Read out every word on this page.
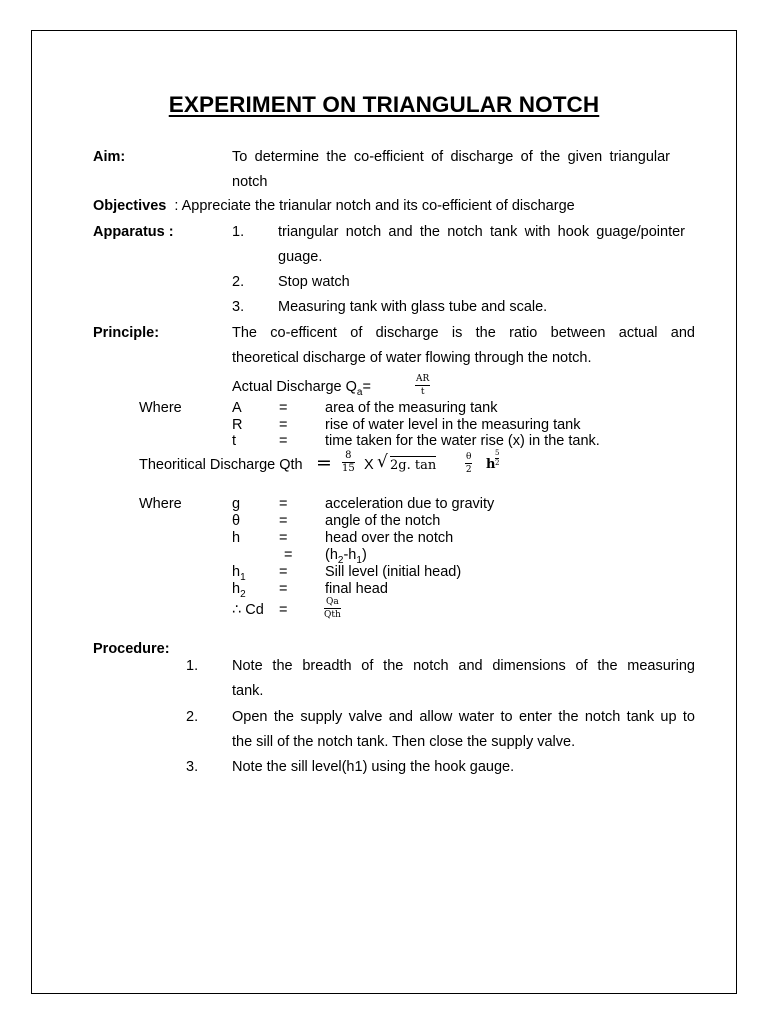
EXPERIMENT ON TRIANGULAR NOTCH
Aim:	To determine the co-efficient of discharge of the given triangular
notch
Objectives : Appreciate the trianular notch and its co-efficient of discharge
Apparatus :	1. triangular notch and the notch tank with hook guage/pointer
guage.
2. Stop watch
3. Measuring tank with glass tube and scale.
Principle:	The co-efficent of discharge is the ratio between actual and
theoretical discharge of water flowing through the notch.
Actual Discharge $Q_a=$	$\frac{AR}{t}$
Where	A	=	area of the measuring tank
R	=	rise of water level in the measuring tank
t	=	time taken for the water rise (x) in the tank.
Theoritical Discharge Qth = $\frac{8}{15}$ X √ 2g. tan	$\frac{\theta}{2}$ h $\frac{5}{2}$
Where	g	=	acceleration due to gravity
θ	=	angle of the notch
h	=	head over the notch
= $(h_2-h_1)$
$h_1$ =	Sill level (initial head)
$h_2$ =	final head
∴ Cd =	Qa
Qth
Procedure:
1. Note the breadth of the notch and dimensions of the measuring
tank.
2. Open the supply valve and allow water to enter the notch tank up to
the sill of the notch tank. Then close the supply valve.
3. Note the sill level(h1) using the hook gauge.
